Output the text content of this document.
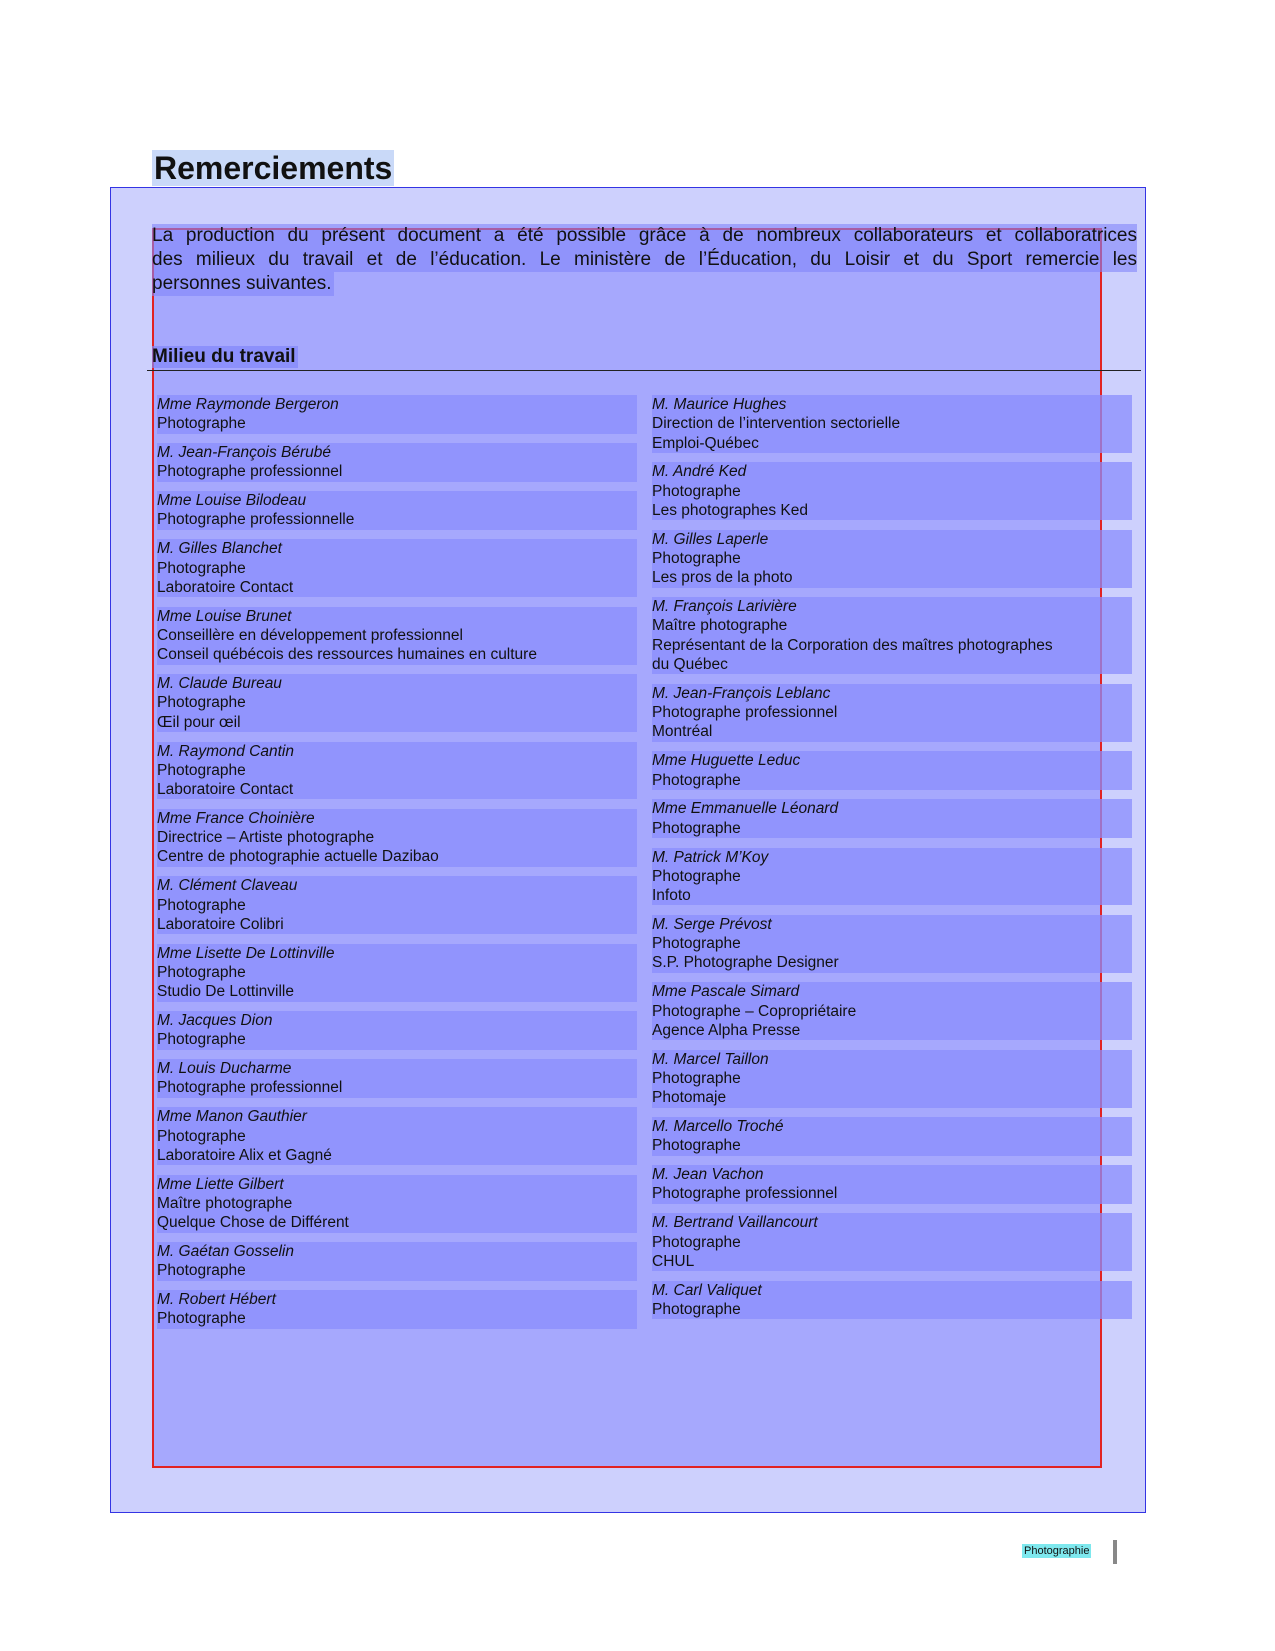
Remerciements

La production du présent document a été possible grâce à de nombreux collaborateurs et collaboratrices
des milieux du travail et de l’éducation. Le ministère de l’Éducation, du Loisir et du Sport remercie les
personnes suivantes.

Milieu du travail
Mme Raymonde Bergeron
Photographe
M. Jean-François Bérubé
Photographe professionnel
Mme Louise Bilodeau
Photographe professionnelle
M. Gilles Blanchet
Photographe
Laboratoire Contact
Mme Louise Brunet
Conseillère en développement professionnel
Conseil québécois des ressources humaines en culture
M. Claude Bureau
Photographe
Œil pour œil
M. Raymond Cantin
Photographe
Laboratoire Contact
Mme France Choinière
Directrice – Artiste photographe
Centre de photographie actuelle Dazibao
M. Clément Claveau
Photographe
Laboratoire Colibri
Mme Lisette De Lottinville
Photographe
Studio De Lottinville
M. Jacques Dion
Photographe
M. Louis Ducharme
Photographe professionnel
Mme Manon Gauthier
Photographe
Laboratoire Alix et Gagné
Mme Liette Gilbert
Maître photographe
Quelque Chose de Différent
M. Gaétan Gosselin
Photographe
M. Robert Hébert
Photographe
M. Maurice Hughes
Direction de l’intervention sectorielle
Emploi-Québec
M. André Ked
Photographe
Les photographes Ked
M. Gilles Laperle
Photographe
Les pros de la photo
M. François Larivière
Maître photographe
Représentant de la Corporation des maîtres photographes
du Québec
M. Jean-François Leblanc
Photographe professionnel
Montréal
Mme Huguette Leduc
Photographe
Mme Emmanuelle Léonard
Photographe
M. Patrick M’Koy
Photographe
Infoto
M. Serge Prévost
Photographe
S.P. Photographe Designer
Mme Pascale Simard
Photographe – Copropriétaire
Agence Alpha Presse
M. Marcel Taillon
Photographe
Photomaje
M. Marcello Troché
Photographe
M. Jean Vachon
Photographe professionnel
M. Bertrand Vaillancourt
Photographe
CHUL
M. Carl Valiquet
Photographe
Photographie
